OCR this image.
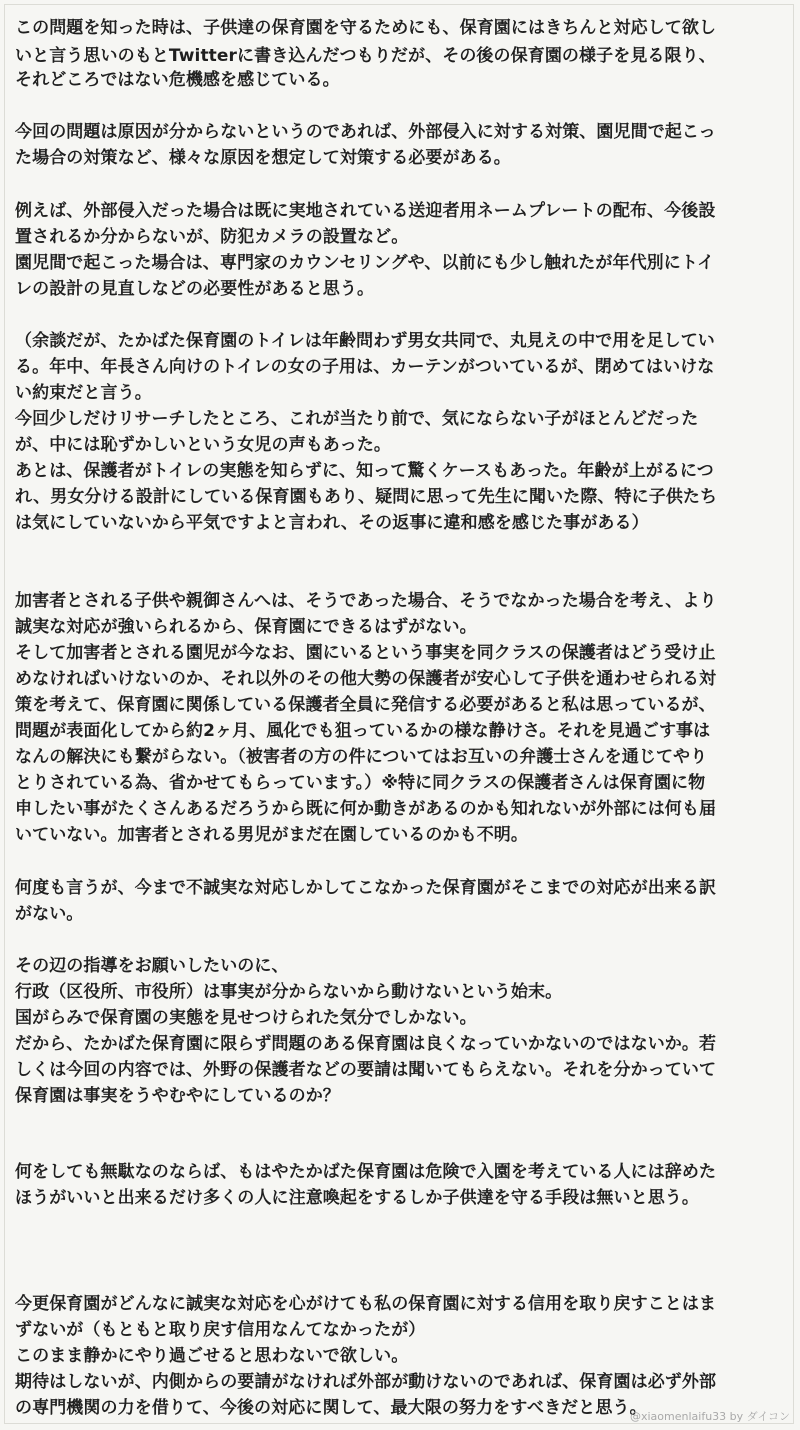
この問題を知った時は、子供達の保育園を守るためにも、保育園にはきちんと対応して欲し
いと言う思いのもとTwitterに書き込んだつもりだが、その後の保育園の様子を見る限り、
それどころではない危機感を感じている。
今回の問題は原因が分からないというのであれば、外部侵入に対する対策、園児間で起こっ
た場合の対策など、様々な原因を想定して対策する必要がある。
例えば、外部侵入だった場合は既に実地されている送迎者用ネームプレートの配布、今後設
置されるか分からないが、防犯カメラの設置など。
園児間で起こった場合は、専門家のカウンセリングや、以前にも少し触れたが年代別にトイ
レの設計の見直しなどの必要性があると思う。
（余談だが、たかばた保育園のトイレは年齢問わず男女共同で、丸見えの中で用を足してい
る。年中、年長さん向けのトイレの女の子用は、カーテンがついているが、閉めてはいけな
い約束だと言う。
今回少しだけリサーチしたところ、これが当たり前で、気にならない子がほとんどだった
が、中には恥ずかしいという女児の声もあった。
あとは、保護者がトイレの実態を知らずに、知って驚くケースもあった。年齢が上がるにつ
れ、男女分ける設計にしている保育園もあり、疑問に思って先生に聞いた際、特に子供たち
は気にしていないから平気ですよと言われ、その返事に違和感を感じた事がある）
加害者とされる子供や親御さんへは、そうであった場合、そうでなかった場合を考え、より
誠実な対応が強いられるから、保育園にできるはずがない。
そして加害者とされる園児が今なお、園にいるという事実を同クラスの保護者はどう受け止
めなければいけないのか、それ以外のその他大勢の保護者が安心して子供を通わせられる対
策を考えて、保育園に関係している保護者全員に発信する必要があると私は思っているが、
問題が表面化してから約2ヶ月、風化でも狙っているかの様な静けさ。それを見過ごす事は
なんの解決にも繋がらない。（被害者の方の件についてはお互いの弁護士さんを通じてやり
とりされている為、省かせてもらっています。）※特に同クラスの保護者さんは保育園に物
申したい事がたくさんあるだろうから既に何か動きがあるのかも知れないが外部には何も届
いていない。加害者とされる男児がまだ在園しているのかも不明。
何度も言うが、今まで不誠実な対応しかしてこなかった保育園がそこまでの対応が出来る訳
がない。
その辺の指導をお願いしたいのに、
行政（区役所、市役所）は事実が分からないから動けないという始末。
国がらみで保育園の実態を見せつけられた気分でしかない。
だから、たかばた保育園に限らず問題のある保育園は良くなっていかないのではないか。若
しくは今回の内容では、外野の保護者などの要請は聞いてもらえない。それを分かっていて
保育園は事実をうやむやにしているのか？
何をしても無駄なのならば、もはやたかばた保育園は危険で入園を考えている人には辞めた
ほうがいいと出来るだけ多くの人に注意喚起をするしか子供達を守る手段は無いと思う。
今更保育園がどんなに誠実な対応を心がけても私の保育園に対する信用を取り戻すことはま
ずないが（もともと取り戻す信用なんてなかったが）
このまま静かにやり過ごせると思わないで欲しい。
期待はしないが、内側からの要請がなければ外部が動けないのであれば、保育園は必ず外部
の専門機関の力を借りて、今後の対応に関して、最大限の努力をすべきだと思う。
@xiaomenlaifu33 by ダイコン
